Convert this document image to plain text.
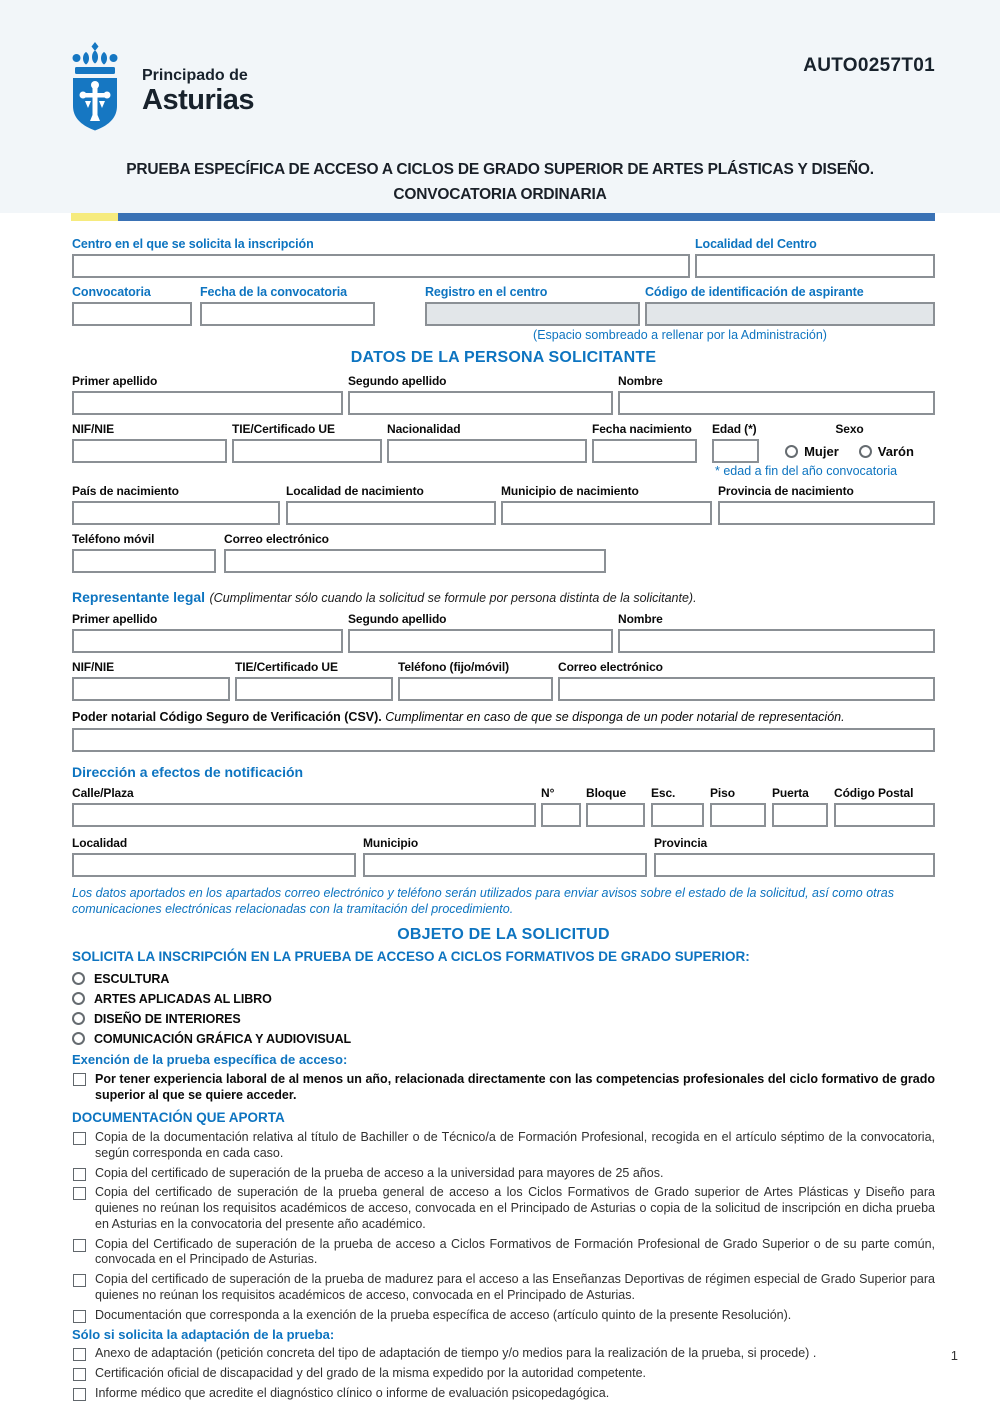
Principado de
Asturias
AUTO0257T01
PRUEBA ESPECÍFICA DE ACCESO A CICLOS DE GRADO SUPERIOR DE ARTES PLÁSTICAS Y DISEÑO.
CONVOCATORIA ORDINARIA
Centro en el que se solicita la inscripción	Localidad del Centro
Convocatoria	Fecha de la convocatoria	Registro en el centro	Código de identificación de aspirante
(Espacio sombreado a rellenar por la Administración)
DATOS DE LA PERSONA SOLICITANTE
Primer apellido	Segundo apellido	Nombre
NIF/NIE	TIE/Certificado UE	Nacionalidad	Fecha nacimiento	Edad (*)	Sexo
Mujer	Varón
* edad a fin del año convocatoria
País de nacimiento	Localidad de nacimiento	Municipio de nacimiento	Provincia de nacimiento
Teléfono móvil	Correo electrónico
Representante legal (Cumplimentar sólo cuando la solicitud se formule por persona distinta de la solicitante).
Primer apellido	Segundo apellido	Nombre
NIF/NIE	TIE/Certificado UE	Teléfono (fijo/móvil)	Correo electrónico
Poder notarial Código Seguro de Verificación (CSV). Cumplimentar en caso de que se disponga de un poder notarial de representación.
Dirección a efectos de notificación
Calle/Plaza	N°	Bloque	Esc.	Piso	Puerta	Código Postal
Localidad	Municipio	Provincia
Los datos aportados en los apartados correo electrónico y teléfono serán utilizados para enviar avisos sobre el estado de la solicitud, así como otras comunicaciones electrónicas relacionadas con la tramitación del procedimiento.
OBJETO DE LA SOLICITUD
SOLICITA LA INSCRIPCIÓN EN LA PRUEBA DE ACCESO A CICLOS FORMATIVOS DE GRADO SUPERIOR:
ESCULTURA
ARTES APLICADAS AL LIBRO
DISEÑO DE INTERIORES
COMUNICACIÓN GRÁFICA Y AUDIOVISUAL
Exención de la prueba específica de acceso:
Por tener experiencia laboral de al menos un año, relacionada directamente con las competencias profesionales del ciclo formativo de grado superior al que se quiere acceder.
DOCUMENTACIÓN QUE APORTA
Copia de la documentación relativa al título de Bachiller o de Técnico/a de Formación Profesional, recogida en el artículo séptimo de la convocatoria, según corresponda en cada caso.
Copia del certificado de superación de la prueba de acceso a la universidad para mayores de 25 años.
Copia del certificado de superación de la prueba general de acceso a los Ciclos Formativos de Grado superior de Artes Plásticas y Diseño para quienes no reúnan los requisitos académicos de acceso, convocada en el Principado de Asturias o copia de la solicitud de inscripción en dicha prueba en Asturias en la convocatoria del presente año académico.
Copia del Certificado de superación de la prueba de acceso a Ciclos Formativos de Formación Profesional de Grado Superior o de su parte común, convocada en el Principado de Asturias.
Copia del certificado de superación de la prueba de madurez para el acceso a las Enseñanzas Deportivas de régimen especial de Grado Superior para quienes no reúnan los requisitos académicos de acceso, convocada en el Principado de Asturias.
Documentación que corresponda a la exención de la prueba específica de acceso (artículo quinto de la presente Resolución).
Sólo si solicita la adaptación de la prueba:
Anexo de adaptación (petición concreta del tipo de adaptación de tiempo y/o medios para la realización de la prueba, si procede) .
Certificación oficial de discapacidad y del grado de la misma expedido por la autoridad competente.
Informe médico que acredite el diagnóstico clínico o informe de evaluación psicopedagógica.
1
